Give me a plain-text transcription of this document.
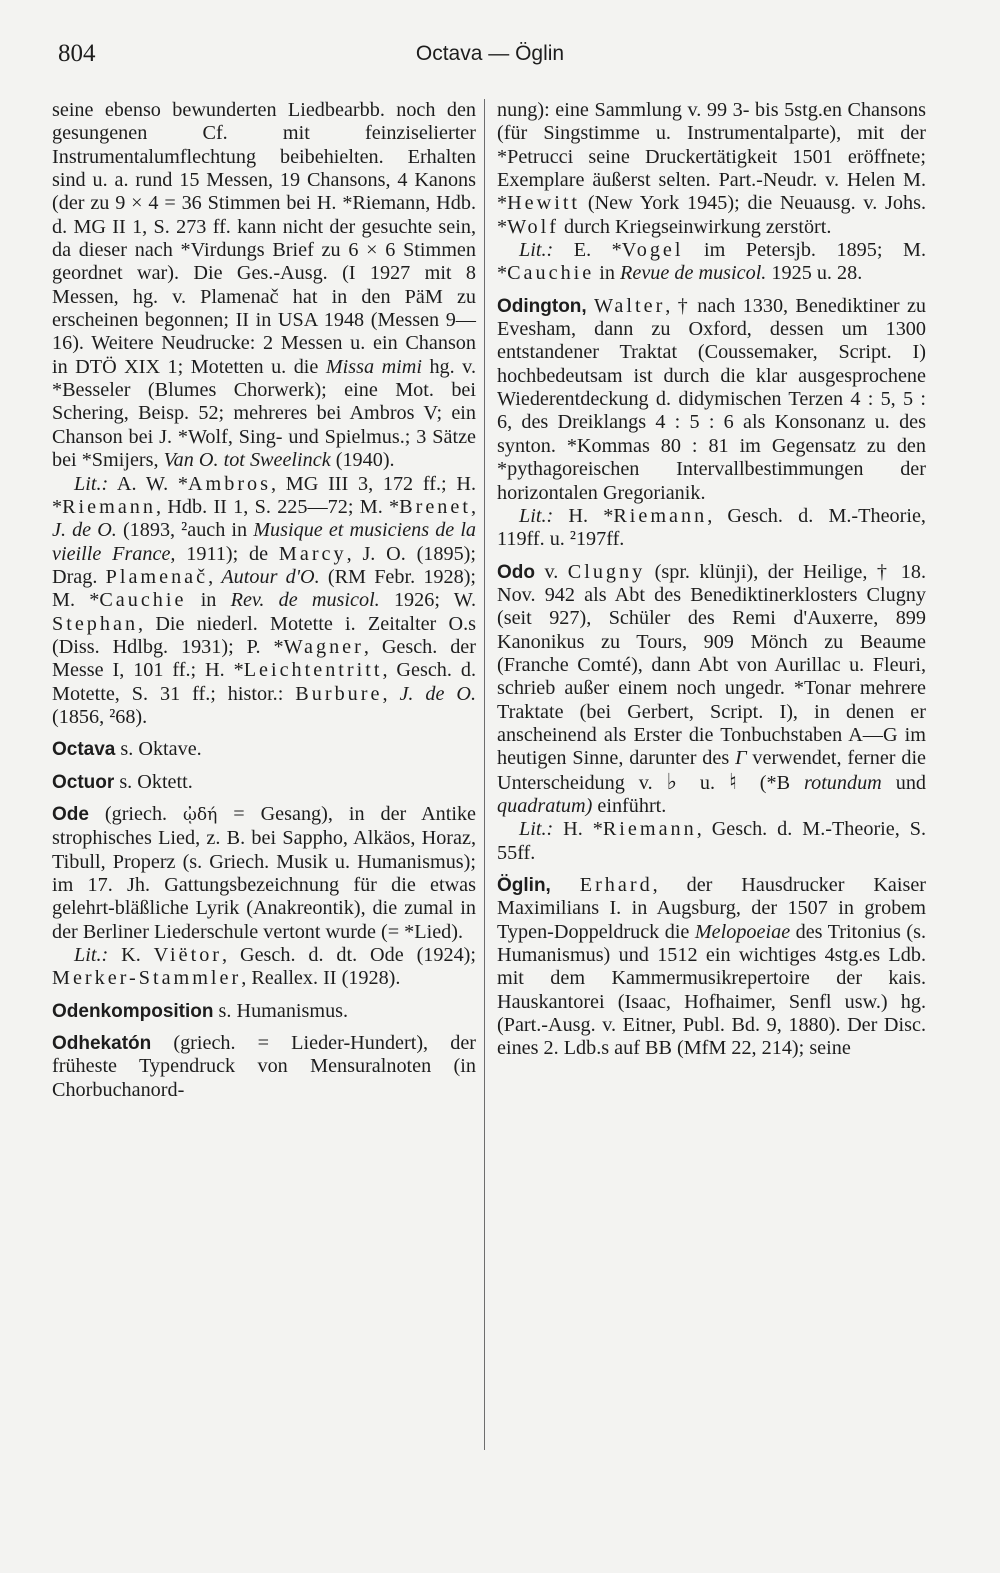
804	Octava — Öglin

seine ebenso bewunderten Liedbearbb. noch den gesungenen Cf. mit feinziselierter Instrumentalumflechtung beibehielten. Erhalten sind u. a. rund 15 Messen, 19 Chansons, 4 Kanons (der zu 9 × 4 = 36 Stimmen bei H. *Riemann, Hdb. d. MG II 1, S. 273 ff. kann nicht der gesuchte sein, da dieser nach *Virdungs Brief zu 6 × 6 Stimmen geordnet war). Die Ges.-Ausg. (I 1927 mit 8 Messen, hg. v. Plamenač hat in den PäM zu erscheinen begonnen; II in USA 1948 (Messen 9—16). Weitere Neudrucke: 2 Messen u. ein Chanson in DTÖ XIX 1; Motetten u. die Missa mimi hg. v. *Besseler (Blumes Chorwerk); eine Mot. bei Schering, Beisp. 52; mehreres bei Ambros V; ein Chanson bei J. *Wolf, Sing- und Spielmus.; 3 Sätze bei *Smijers, Van O. tot Sweelinck (1940).

Lit.: A. W. *Ambros, MG III 3, 172 ff.; H. *Riemann, Hdb. II 1, S. 225—72; M. *Brenet, J. de O. (1893, ²auch in Musique et musiciens de la vieille France, 1911); de Marcy, J. O. (1895); Drag. Plamenač, Autour d'O. (RM Febr. 1928); M. *Cauchie in Rev. de musicol. 1926; W. Stephan, Die niederl. Motette i. Zeitalter O.s (Diss. Hdlbg. 1931); P. *Wagner, Gesch. der Messe I, 101 ff.; H. *Leichtentritt, Gesch. d. Motette, S. 31 ff.; histor.: Burbure, J. de O. (1856, ²68).

Octava s. Oktave.

Octuor s. Oktett.

Ode (griech. ᾠδή = Gesang), in der Antike strophisches Lied, z. B. bei Sappho, Alkäos, Horaz, Tibull, Properz (s. Griech. Musik u. Humanismus); im 17. Jh. Gattungsbezeichnung für die etwas gelehrt-bläßliche Lyrik (Anakreontik), die zumal in der Berliner Liederschule vertont wurde (= *Lied).

Lit.: K. Viëtor, Gesch. d. dt. Ode (1924); Merker-Stammler, Reallex. II (1928).

Odenkomposition s. Humanismus.

Odhekatón (griech. = Lieder-Hundert), der früheste Typendruck von Mensuralnoten (in Chorbuchanord-

nung): eine Sammlung v. 99 3- bis 5stg.en Chansons (für Singstimme u. Instrumentalparte), mit der *Petrucci seine Druckertätigkeit 1501 eröffnete; Exemplare äußerst selten. Part.-Neudr. v. Helen M. *Hewitt (New York 1945); die Neuausg. v. Johs. *Wolf durch Kriegseinwirkung zerstört.

Lit.: E. *Vogel im Petersjb. 1895; M. *Cauchie in Revue de musicol. 1925 u. 28.

Odington, Walter, † nach 1330, Benediktiner zu Evesham, dann zu Oxford, dessen um 1300 entstandener Traktat (Coussemaker, Script. I) hochbedeutsam ist durch die klar ausgesprochene Wiederentdeckung d. didymischen Terzen 4 : 5, 5 : 6, des Dreiklangs 4 : 5 : 6 als Konsonanz u. des synton. *Kommas 80 : 81 im Gegensatz zu den *pythagoreischen Intervallbestimmungen der horizontalen Gregorianik.

Lit.: H. *Riemann, Gesch. d. M.-Theorie, 119ff. u. ²197ff.

Odo v. Clugny (spr. klünji), der Heilige, † 18. Nov. 942 als Abt des Benediktinerklosters Clugny (seit 927), Schüler des Remi d'Auxerre, 899 Kanonikus zu Tours, 909 Mönch zu Beaume (Franche Comté), dann Abt von Aurillac u. Fleuri, schrieb außer einem noch ungedr. *Tonar mehrere Traktate (bei Gerbert, Script. I), in denen er anscheinend als Erster die Tonbuchstaben A—G im heutigen Sinne, darunter des Γ verwendet, ferner die Unterscheidung v. ♭ u. ♮ (*B rotundum und quadratum) einführt.

Lit.: H. *Riemann, Gesch. d. M.-Theorie, S. 55ff.

Öglin, Erhard, der Hausdrucker Kaiser Maximilians I. in Augsburg, der 1507 in grobem Typen-Doppeldruck die Melopoeiae des Tritonius (s. Humanismus) und 1512 ein wichtiges 4stg.es Ldb. mit dem Kammermusikrepertoire der kais. Hauskantorei (Isaac, Hofhaimer, Senfl usw.) hg. (Part.-Ausg. v. Eitner, Publ. Bd. 9, 1880). Der Disc. eines 2. Ldb.s auf BB (MfM 22, 214); seine
